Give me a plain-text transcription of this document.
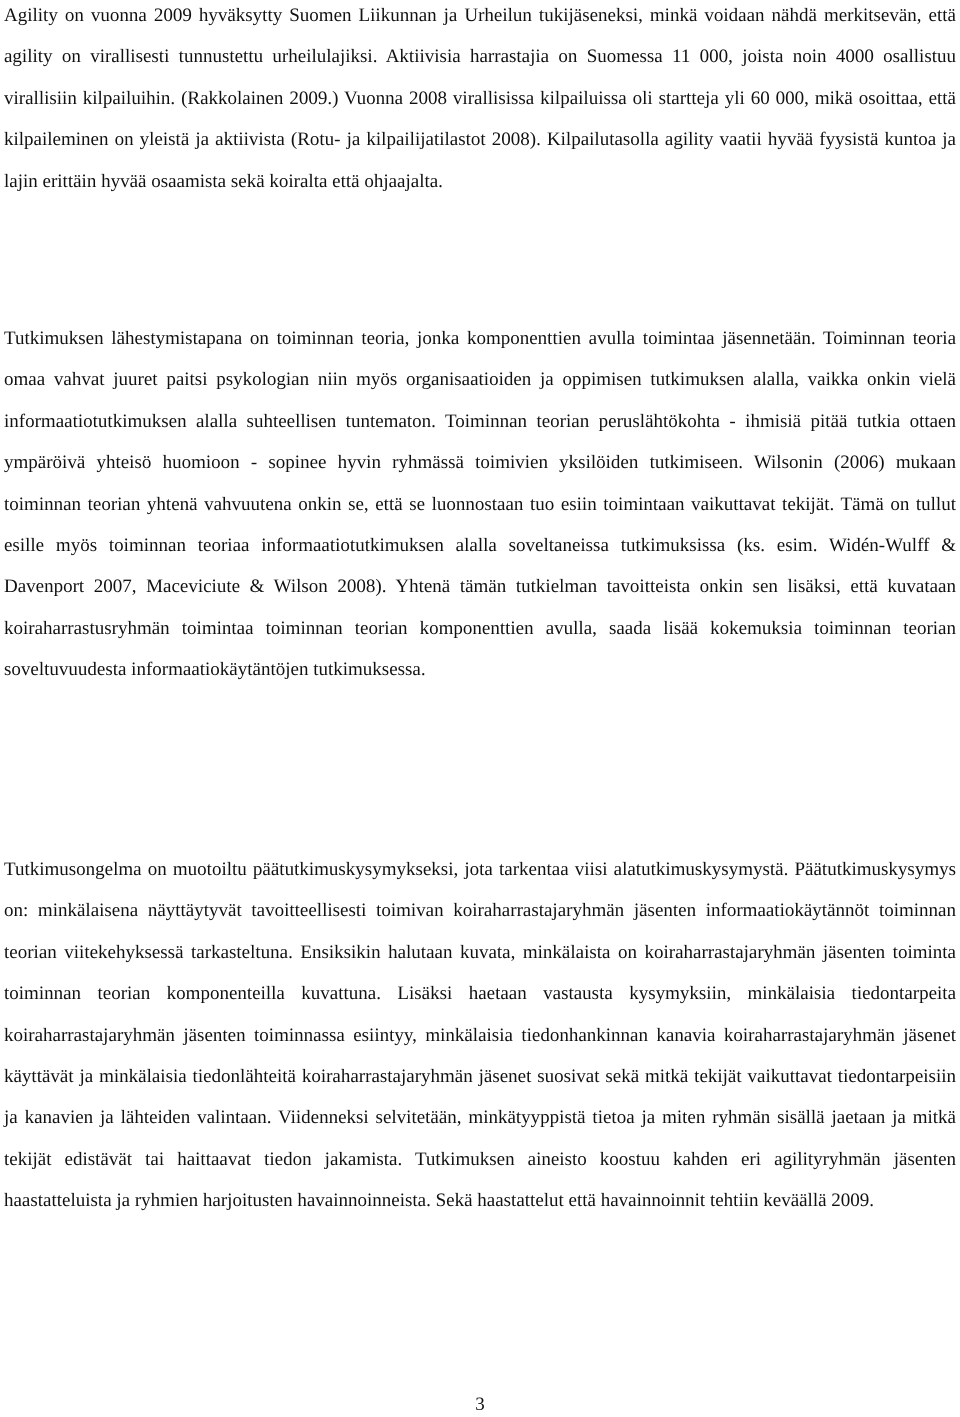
Agility on vuonna 2009 hyväksytty Suomen Liikunnan ja Urheilun tukijäseneksi, minkä voidaan nähdä merkitsevän, että agility on virallisesti tunnustettu urheilulajiksi. Aktiivisia harrastajia on Suomessa 11 000, joista noin 4000 osallistuu virallisiin kilpailuihin. (Rakkolainen 2009.) Vuonna 2008 virallisissa kilpailuissa oli startteja yli 60 000, mikä osoittaa, että kilpaileminen on yleistä ja aktiivista (Rotu- ja kilpailijatilastot 2008). Kilpailutasolla agility vaatii hyvää fyysistä kuntoa ja lajin erittäin hyvää osaamista sekä koiralta että ohjaajalta.

Tutkimuksen lähestymistapana on toiminnan teoria, jonka komponenttien avulla toimintaa jäsennetään. Toiminnan teoria omaa vahvat juuret paitsi psykologian niin myös organisaatioiden ja oppimisen tutkimuksen alalla, vaikka onkin vielä informaatiotutkimuksen alalla suhteellisen tuntematon. Toiminnan teorian peruslähtökohta - ihmisiä pitää tutkia ottaen ympäröivä yhteisö huomioon - sopinee hyvin ryhmässä toimivien yksilöiden tutkimiseen. Wilsonin (2006) mukaan toiminnan teorian yhtenä vahvuutena onkin se, että se luonnostaan tuo esiin toimintaan vaikuttavat tekijät. Tämä on tullut esille myös toiminnan teoriaa informaatiotutkimuksen alalla soveltaneissa tutkimuksissa (ks. esim. Widén-Wulff & Davenport 2007, Maceviciute & Wilson 2008). Yhtenä tämän tutkielman tavoitteista onkin sen lisäksi, että kuvataan koiraharrastusryhmän toimintaa toiminnan teorian komponenttien avulla, saada lisää kokemuksia toiminnan teorian soveltuvuudesta informaatiokäytäntöjen tutkimuksessa.

Tutkimusongelma on muotoiltu päätutkimuskysymykseksi, jota tarkentaa viisi alatutkimuskysymystä. Päätutkimuskysymys on: minkälaisena näyttäytyvät tavoitteellisesti toimivan koiraharrastajaryhmän jäsenten informaatiokäytännöt toiminnan teorian viitekehyksessä tarkasteltuna. Ensiksikin halutaan kuvata, minkälaista on koiraharrastajaryhmän jäsenten toiminta toiminnan teorian komponenteilla kuvattuna. Lisäksi haetaan vastausta kysymyksiin, minkälaisia tiedontarpeita koiraharrastajaryhmän jäsenten toiminnassa esiintyy, minkälaisia tiedonhankinnan kanavia koiraharrastajaryhmän jäsenet käyttävät ja minkälaisia tiedonlähteitä koiraharrastajaryhmän jäsenet suosivat sekä mitkä tekijät vaikuttavat tiedontarpeisiin ja kanavien ja lähteiden valintaan. Viidenneksi selvitetään, minkätyyppistä tietoa ja miten ryhmän sisällä jaetaan ja mitkä tekijät edistävät tai haittaavat tiedon jakamista. Tutkimuksen aineisto koostuu kahden eri agilityryhmän jäsenten haastatteluista ja ryhmien harjoitusten havainnoinneista. Sekä haastattelut että havainnoinnit tehtiin keväällä 2009.

3
